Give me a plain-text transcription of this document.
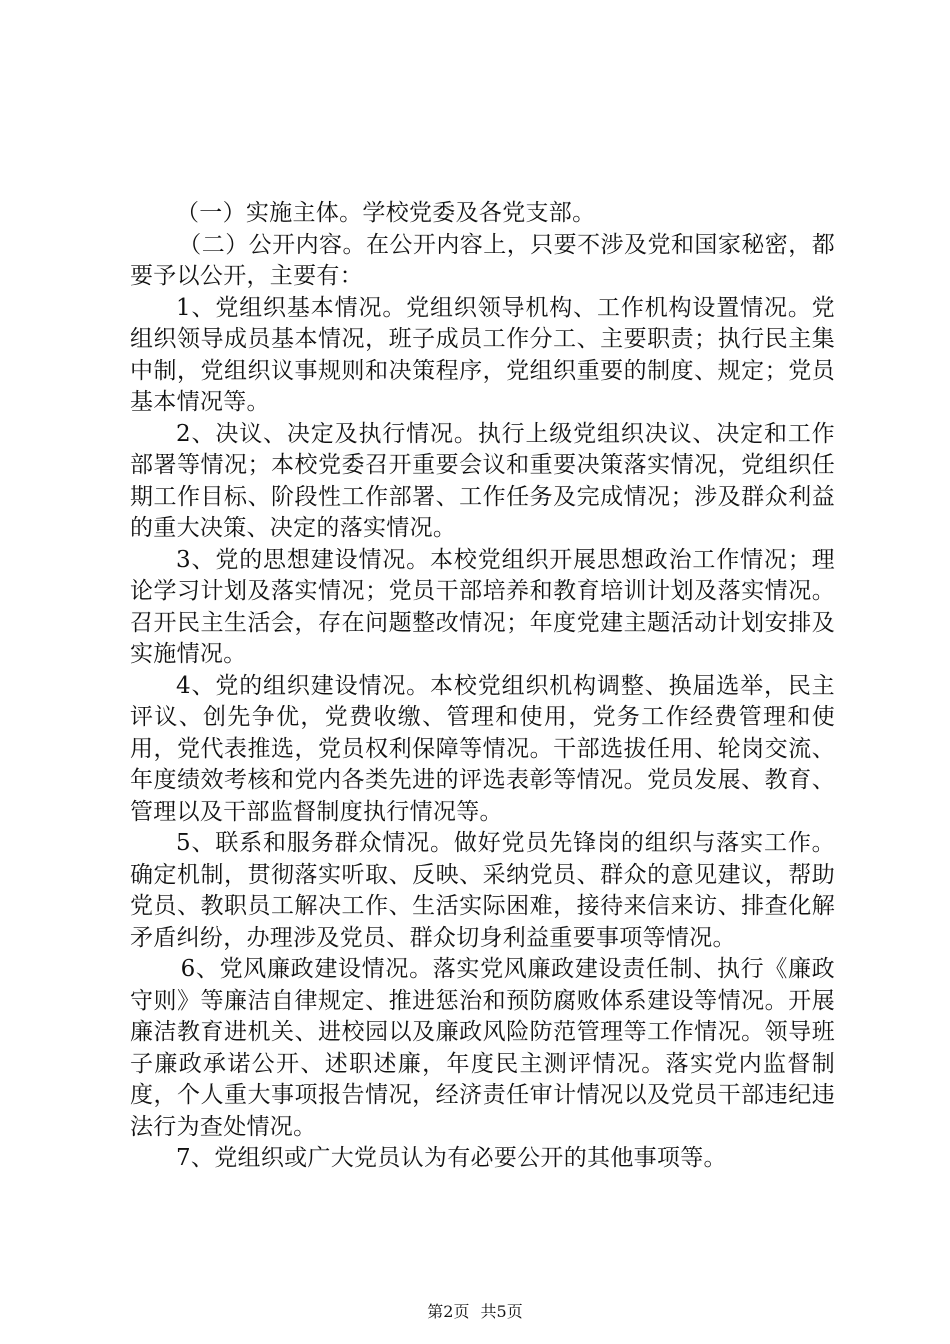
（一）实施主体。学校党委及各党支部。

（二）公开内容。在公开内容上，只要不涉及党和国家秘密，都要予以公开，主要有：

1、党组织基本情况。党组织领导机构、工作机构设置情况。党组织领导成员基本情况，班子成员工作分工、主要职责；执行民主集中制，党组织议事规则和决策程序，党组织重要的制度、规定；党员基本情况等。

2、决议、决定及执行情况。执行上级党组织决议、决定和工作部署等情况；本校党委召开重要会议和重要决策落实情况，党组织任期工作目标、阶段性工作部署、工作任务及完成情况；涉及群众利益的重大决策、决定的落实情况。

3、党的思想建设情况。本校党组织开展思想政治工作情况；理论学习计划及落实情况；党员干部培养和教育培训计划及落实情况。召开民主生活会，存在问题整改情况；年度党建主题活动计划安排及实施情况。

4、党的组织建设情况。本校党组织机构调整、换届选举，民主评议、创先争优，党费收缴、管理和使用，党务工作经费管理和使用，党代表推选，党员权利保障等情况。干部选拔任用、轮岗交流、年度绩效考核和党内各类先进的评选表彰等情况。党员发展、教育、管理以及干部监督制度执行情况等。

5、联系和服务群众情况。做好党员先锋岗的组织与落实工作。确定机制，贯彻落实听取、反映、采纳党员、群众的意见建议，帮助党员、教职员工解决工作、生活实际困难，接待来信来访、排查化解矛盾纠纷，办理涉及党员、群众切身利益重要事项等情况。

6、党风廉政建设情况。落实党风廉政建设责任制、执行《廉政守则》等廉洁自律规定、推进惩治和预防腐败体系建设等情况。开展廉洁教育进机关、进校园以及廉政风险防范管理等工作情况。领导班子廉政承诺公开、述职述廉，年度民主测评情况。落实党内监督制度，个人重大事项报告情况，经济责任审计情况以及党员干部违纪违法行为查处情况。

7、党组织或广大党员认为有必要公开的其他事项等。

第2页 共5页
